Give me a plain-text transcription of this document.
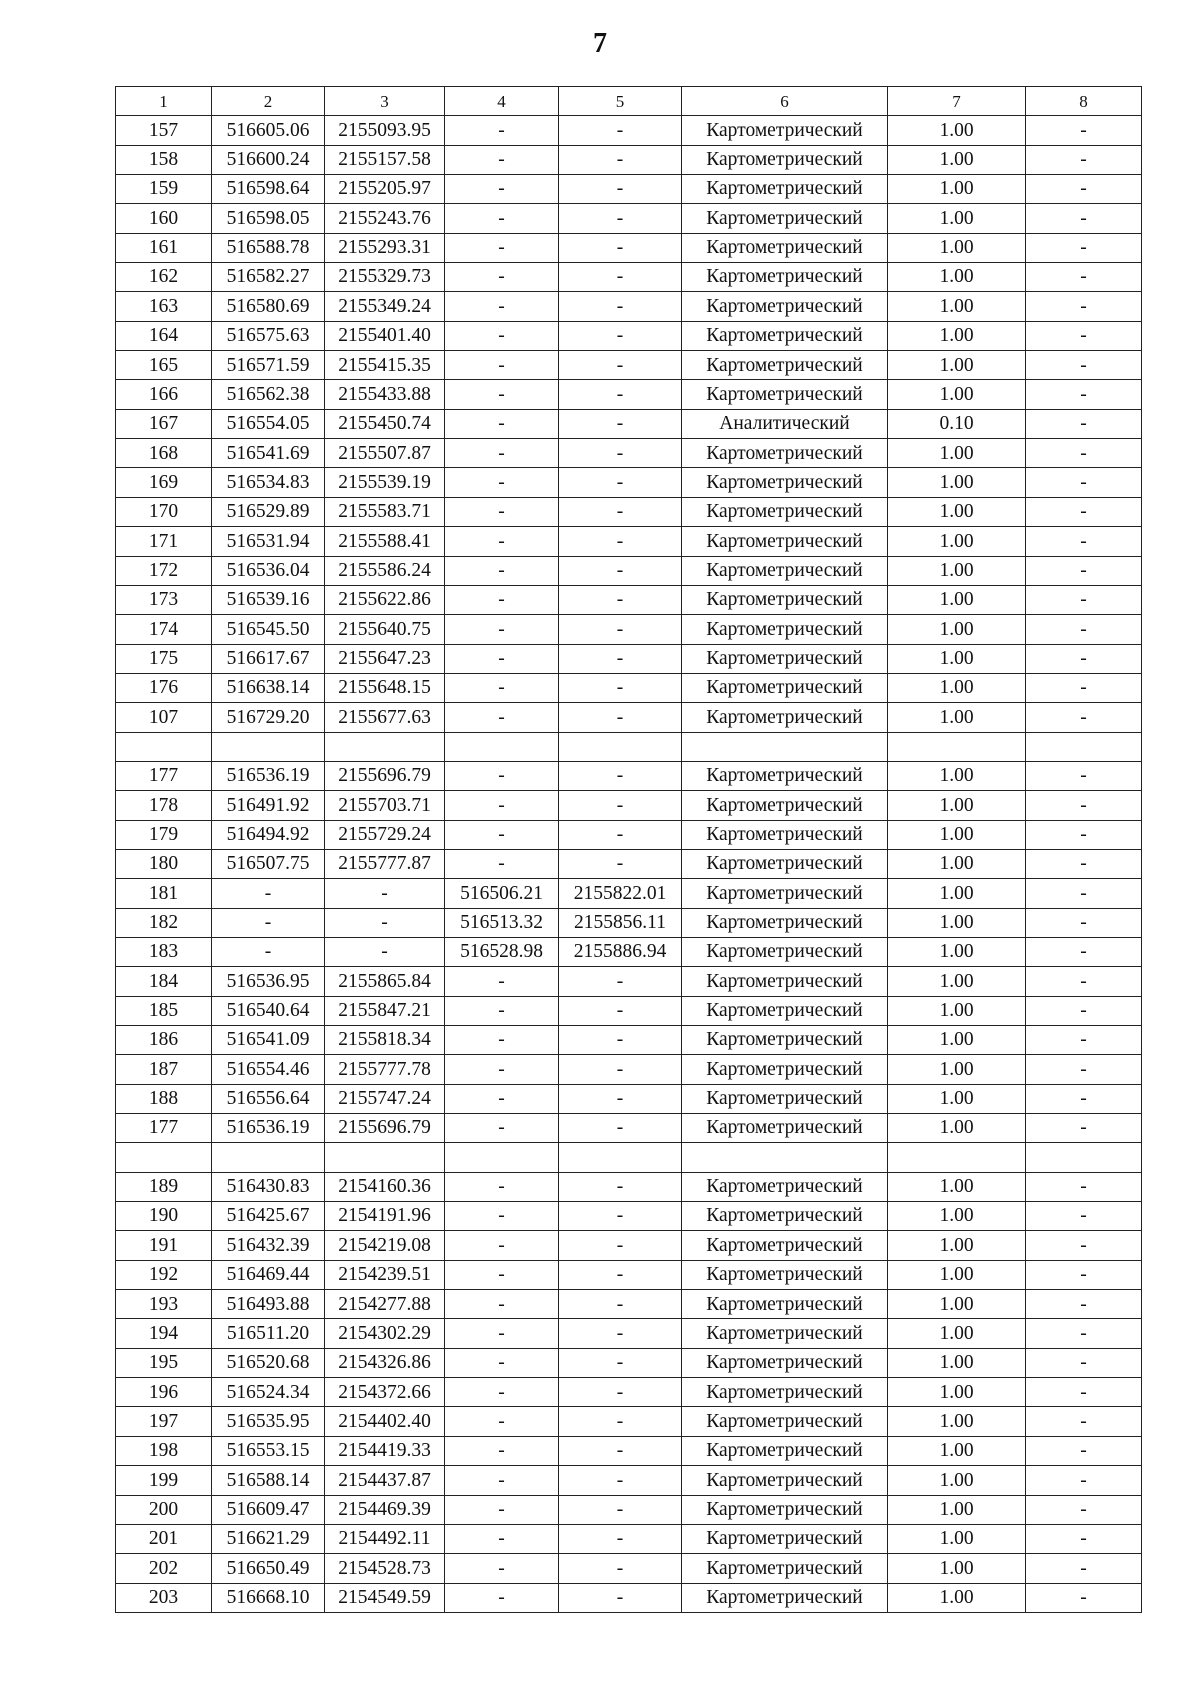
7
1	2	3	4	5	6	7	8
157	516605.06	2155093.95	-	-	Картометрический	1.00	-
158	516600.24	2155157.58	-	-	Картометрический	1.00	-
159	516598.64	2155205.97	-	-	Картометрический	1.00	-
160	516598.05	2155243.76	-	-	Картометрический	1.00	-
161	516588.78	2155293.31	-	-	Картометрический	1.00	-
162	516582.27	2155329.73	-	-	Картометрический	1.00	-
163	516580.69	2155349.24	-	-	Картометрический	1.00	-
164	516575.63	2155401.40	-	-	Картометрический	1.00	-
165	516571.59	2155415.35	-	-	Картометрический	1.00	-
166	516562.38	2155433.88	-	-	Картометрический	1.00	-
167	516554.05	2155450.74	-	-	Аналитический	0.10	-
168	516541.69	2155507.87	-	-	Картометрический	1.00	-
169	516534.83	2155539.19	-	-	Картометрический	1.00	-
170	516529.89	2155583.71	-	-	Картометрический	1.00	-
171	516531.94	2155588.41	-	-	Картометрический	1.00	-
172	516536.04	2155586.24	-	-	Картометрический	1.00	-
173	516539.16	2155622.86	-	-	Картометрический	1.00	-
174	516545.50	2155640.75	-	-	Картометрический	1.00	-
175	516617.67	2155647.23	-	-	Картометрический	1.00	-
176	516638.14	2155648.15	-	-	Картометрический	1.00	-
107	516729.20	2155677.63	-	-	Картометрический	1.00	-

177	516536.19	2155696.79	-	-	Картометрический	1.00	-
178	516491.92	2155703.71	-	-	Картометрический	1.00	-
179	516494.92	2155729.24	-	-	Картометрический	1.00	-
180	516507.75	2155777.87	-	-	Картометрический	1.00	-
181	-	-	516506.21	2155822.01	Картометрический	1.00	-
182	-	-	516513.32	2155856.11	Картометрический	1.00	-
183	-	-	516528.98	2155886.94	Картометрический	1.00	-
184	516536.95	2155865.84	-	-	Картометрический	1.00	-
185	516540.64	2155847.21	-	-	Картометрический	1.00	-
186	516541.09	2155818.34	-	-	Картометрический	1.00	-
187	516554.46	2155777.78	-	-	Картометрический	1.00	-
188	516556.64	2155747.24	-	-	Картометрический	1.00	-
177	516536.19	2155696.79	-	-	Картометрический	1.00	-

189	516430.83	2154160.36	-	-	Картометрический	1.00	-
190	516425.67	2154191.96	-	-	Картометрический	1.00	-
191	516432.39	2154219.08	-	-	Картометрический	1.00	-
192	516469.44	2154239.51	-	-	Картометрический	1.00	-
193	516493.88	2154277.88	-	-	Картометрический	1.00	-
194	516511.20	2154302.29	-	-	Картометрический	1.00	-
195	516520.68	2154326.86	-	-	Картометрический	1.00	-
196	516524.34	2154372.66	-	-	Картометрический	1.00	-
197	516535.95	2154402.40	-	-	Картометрический	1.00	-
198	516553.15	2154419.33	-	-	Картометрический	1.00	-
199	516588.14	2154437.87	-	-	Картометрический	1.00	-
200	516609.47	2154469.39	-	-	Картометрический	1.00	-
201	516621.29	2154492.11	-	-	Картометрический	1.00	-
202	516650.49	2154528.73	-	-	Картометрический	1.00	-
203	516668.10	2154549.59	-	-	Картометрический	1.00	-
